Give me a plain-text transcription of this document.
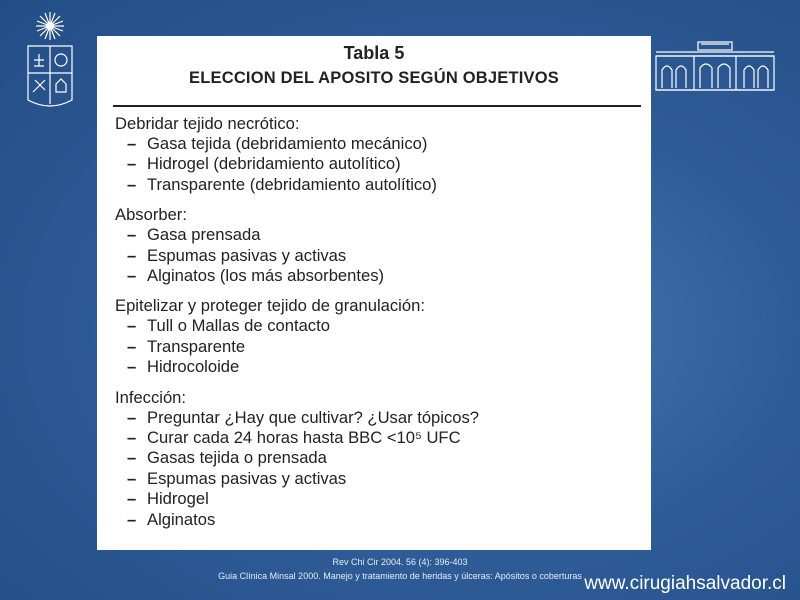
Tabla 5
ELECCION DEL APOSITO SEGÚN OBJETIVOS
Debridar tejido necrótico:
– Gasa tejida (debridamiento mecánico)
– Hidrogel (debridamiento autolítico)
– Transparente (debridamiento autolítico)
Absorber:
– Gasa prensada
– Espumas pasivas y activas
– Alginatos (los más absorbentes)
Epitelizar y proteger tejido de granulación:
– Tull o Mallas de contacto
– Transparente
– Hidrocoloide
Infección:
– Preguntar ¿Hay que cultivar? ¿Usar tópicos?
– Curar cada 24 horas hasta BBC <10⁵ UFC
– Gasas tejida o prensada
– Espumas pasivas y activas
– Hidrogel
– Alginatos
Rev Chi Cir 2004. 56 (4): 396-403
Guia Clínica Minsal 2000. Manejo y tratamiento de heridas y úlceras: Apósitos o coberturas www.cirugiahsalvador.cl
